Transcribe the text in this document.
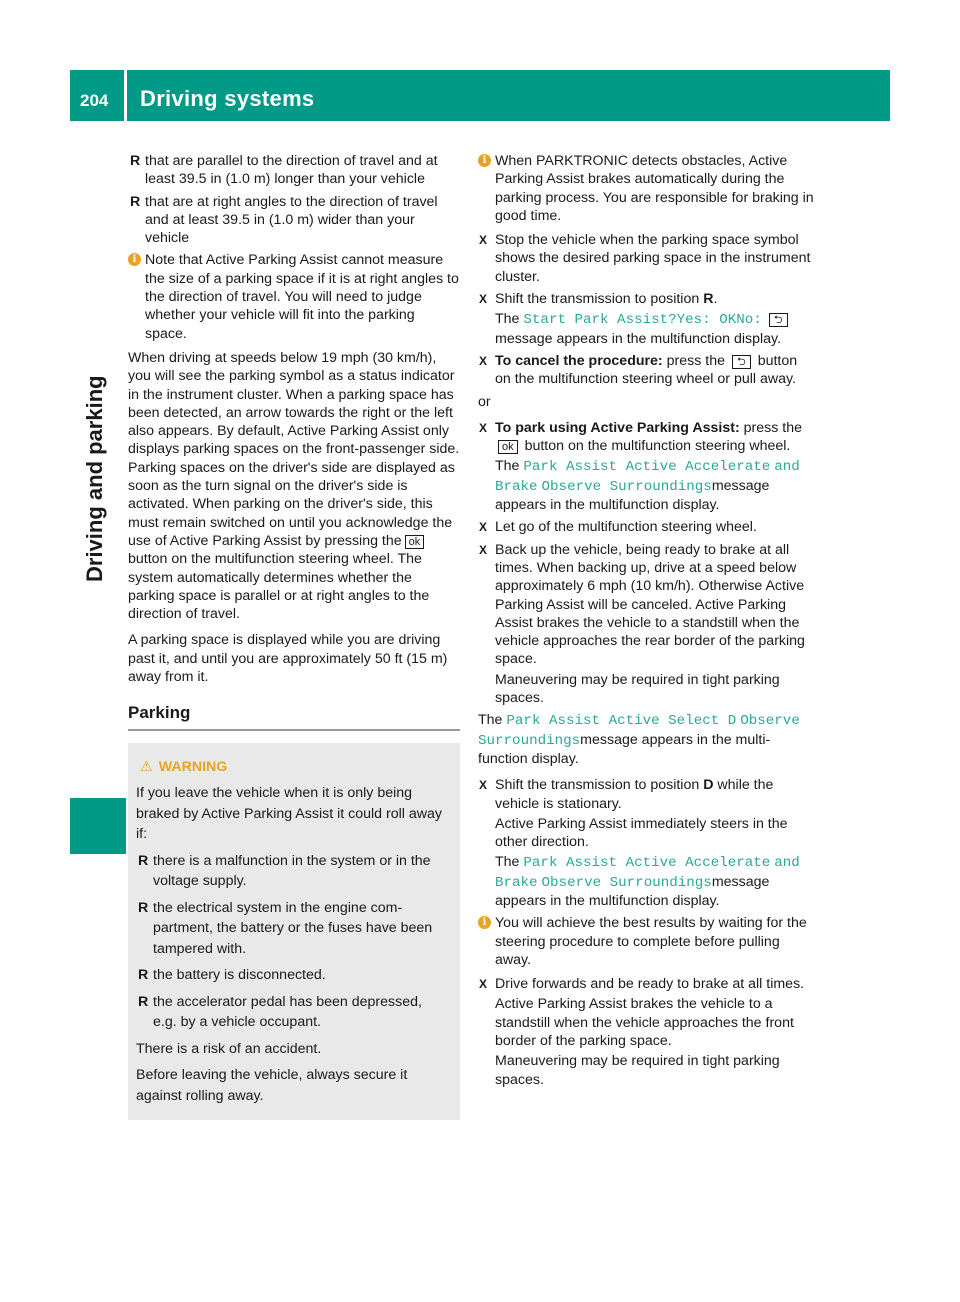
204 Driving systems
Driving and parking
R that are parallel to the direction of travel and at least 39.5 in (1.0 m) longer than your vehicle
R that are at right angles to the direction of travel and at least 39.5 in (1.0 m) wider than your vehicle
i Note that Active Parking Assist cannot measure the size of a parking space if it is at right angles to the direction of travel. You will need to judge whether your vehicle will fit into the parking space.

When driving at speeds below 19 mph (30 km/h), you will see the parking symbol as a status indicator in the instrument cluster. When a parking space has been detected, an arrow towards the right or the left also appears. By default, Active Parking Assist only displays parking spaces on the front-passenger side. Parking spaces on the driver's side are displayed as soon as the turn signal on the driver's side is activated. When parking on the driver's side, this must remain switched on until you acknowledge the use of Active Parking Assist by pressing the okbutton on the multifunction steering wheel. The system automatically determines whether the parking space is parallel or at right angles to the direction of travel.

A parking space is displayed while you are driving past it, and until you are approximately 50 ft (15 m) away from it.

Parking
⚠ WARNING

If you leave the vehicle when it is only being braked by Active Parking Assist it could roll away if:

R there is a malfunction in the system or in the voltage supply.
R the electrical system in the engine compartment, the battery or the fuses have been tampered with.
R the battery is disconnected.
R the accelerator pedal has been depressed, e.g. by a vehicle occupant.

There is a risk of an accident.

Before leaving the vehicle, always secure it against rolling away.

i When PARKTRONIC detects obstacles, Active Parking Assist brakes automatically during the parking process. You are responsible for braking in good time.
X Stop the vehicle when the parking space symbol shows the desired parking space in the instrument cluster.
X Shift the transmission to position R.
The Start Park Assist?Yes: OKNo: ⮌ message appears in the multifunction display.
X To cancel the procedure: press the ⮌ button on the multifunction steering wheel or pull away.

or

X To park using Active Parking Assist: press the ok button on the multifunction steering wheel.
The Park Assist Active Accelerate and Brake Observe Surroundingsmessage appears in the multifunction display.
X Let go of the multifunction steering wheel.
X Back up the vehicle, being ready to brake at all times. When backing up, drive at a speed below approximately 6 mph (10 km/h). Otherwise Active Parking Assist will be canceled. Active Parking Assist brakes the vehicle to a standstill when the vehicle approaches the rear border of the parking space.
Maneuvering may be required in tight parking spaces.

The Park Assist Active Select D Observe Surroundingsmessage appears in the multifunction display.

X Shift the transmission to position D while the vehicle is stationary.
Active Parking Assist immediately steers in the other direction.
The Park Assist Active Accelerate and Brake Observe Surroundingsmessage appears in the multifunction display.
i You will achieve the best results by waiting for the steering procedure to complete before pulling away.
X Drive forwards and be ready to brake at all times.
Active Parking Assist brakes the vehicle to a standstill when the vehicle approaches the front border of the parking space.
Maneuvering may be required in tight parking spaces.
